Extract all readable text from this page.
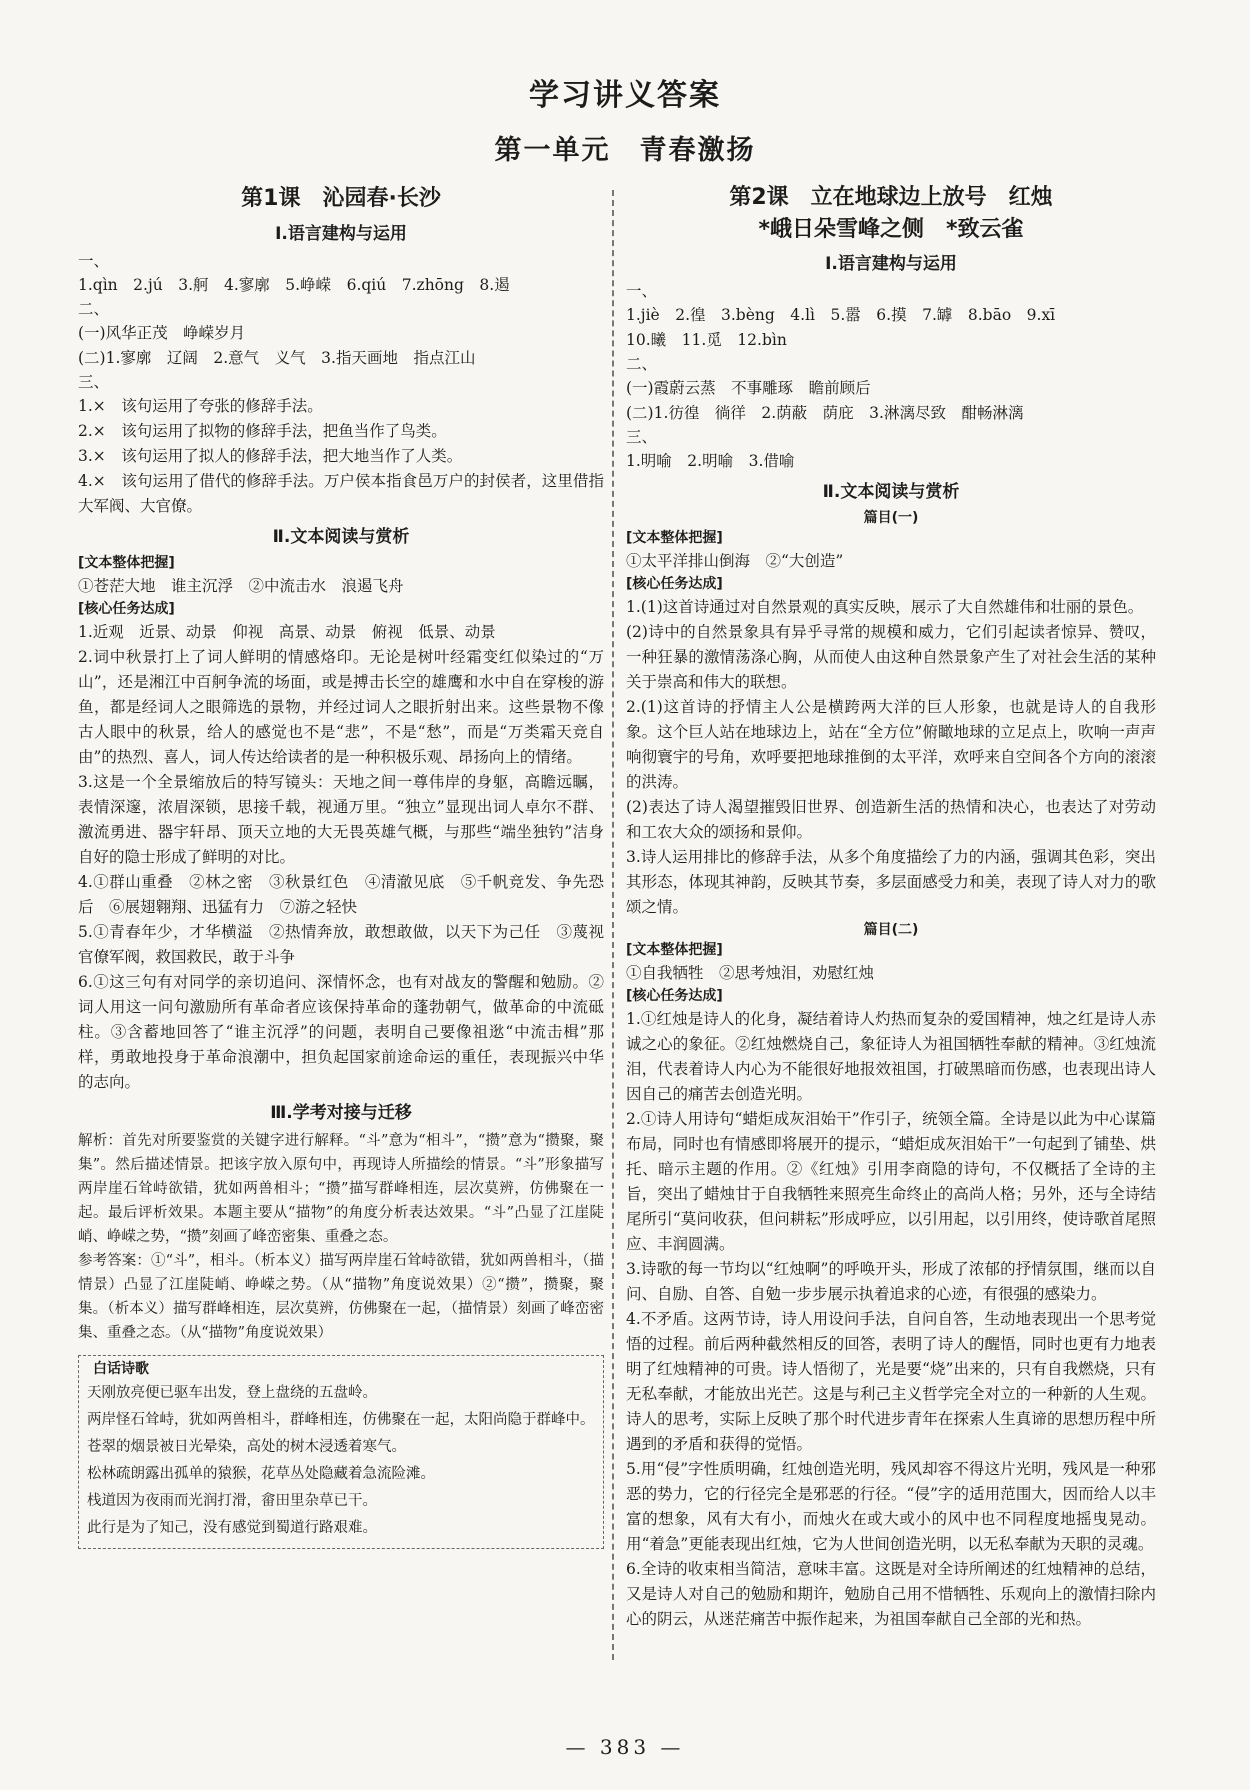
学习讲义答案
第一单元　青春激扬
第1课　沁园春·长沙
Ⅰ.语言建构与运用
一、
1.qìn　2.jú　3.舸　4.寥廓　5.峥嵘　6.qiú　7.zhōng　8.遏
二、
(一)风华正茂　峥嵘岁月
(二)1.寥廓　辽阔　2.意气　义气　3.指天画地　指点江山
三、
1.×　该句运用了夸张的修辞手法。
2.×　该句运用了拟物的修辞手法，把鱼当作了鸟类。
3.×　该句运用了拟人的修辞手法，把大地当作了人类。
4.×　该句运用了借代的修辞手法。万户侯本指食邑万户的封侯者，这里借指大军阀、大官僚。
Ⅱ.文本阅读与赏析
[文本整体把握]
①苍茫大地　谁主沉浮　②中流击水　浪遏飞舟
[核心任务达成]
1.近观　近景、动景　仰视　高景、动景　俯视　低景、动景
2.词中秋景打上了词人鲜明的情感烙印。无论是树叶经霜变红似染过的“万山”，还是湘江中百舸争流的场面，或是搏击长空的雄鹰和水中自在穿梭的游鱼，都是经词人之眼筛选的景物，并经过词人之眼折射出来。这些景物不像古人眼中的秋景，给人的感觉也不是“悲”，不是“愁”，而是“万类霜天竞自由”的热烈、喜人，词人传达给读者的是一种积极乐观、昂扬向上的情绪。
3.这是一个全景缩放后的特写镜头：天地之间一尊伟岸的身躯，高瞻远瞩，表情深邃，浓眉深锁，思接千载，视通万里。“独立”显现出词人卓尔不群、激流勇进、器宇轩昂、顶天立地的大无畏英雄气概，与那些“端坐独钓”洁身自好的隐士形成了鲜明的对比。
4.①群山重叠　②林之密　③秋景红色　④清澈见底　⑤千帆竞发、争先恐后　⑥展翅翱翔、迅猛有力　⑦游之轻快
5.①青春年少，才华横溢　②热情奔放，敢想敢做，以天下为己任　③蔑视官僚军阀，救国救民，敢于斗争
6.①这三句有对同学的亲切追问、深情怀念，也有对战友的警醒和勉励。②词人用这一问句激励所有革命者应该保持革命的蓬勃朝气，做革命的中流砥柱。③含蓄地回答了“谁主沉浮”的问题，表明自己要像祖逖“中流击楫”那样，勇敢地投身于革命浪潮中，担负起国家前途命运的重任，表现振兴中华的志向。
Ⅲ.学考对接与迁移
解析：首先对所要鉴赏的关键字进行解释。“斗”意为“相斗”，“攒”意为“攒聚，聚集”。然后描述情景。把该字放入原句中，再现诗人所描绘的情景。“斗”形象描写两岸崖石耸峙欲错，犹如两兽相斗；“攒”描写群峰相连，层次莫辨，仿佛聚在一起。最后评析效果。本题主要从“描物”的角度分析表达效果。“斗”凸显了江崖陡峭、峥嵘之势，“攒”刻画了峰峦密集、重叠之态。
参考答案：①“斗”，相斗。（析本义）描写两岸崖石耸峙欲错，犹如两兽相斗，（描情景）凸显了江崖陡峭、峥嵘之势。（从“描物”角度说效果）②“攒”，攒聚，聚集。（析本义）描写群峰相连，层次莫辨，仿佛聚在一起，（描情景）刻画了峰峦密集、重叠之态。（从“描物”角度说效果）
白话诗歌
天刚放亮便已驱车出发，登上盘绕的五盘岭。
两岸怪石耸峙，犹如两兽相斗，群峰相连，仿佛聚在一起，太阳尚隐于群峰中。
苍翠的烟景被日光晕染，高处的树木浸透着寒气。
松林疏朗露出孤单的猿猴，花草丛处隐藏着急流险滩。
栈道因为夜雨而光润打滑，畲田里杂草已干。
此行是为了知己，没有感觉到蜀道行路艰难。
第2课　立在地球边上放号　红烛
*峨日朵雪峰之侧　*致云雀
Ⅰ.语言建构与运用
一、
1.jiè　2.徨　3.bèng　4.lì　5.嚣　6.摸　7.罅　8.bāo　9.xī
10.曦　11.觅　12.bìn
二、
(一)霞蔚云蒸　不事雕琢　瞻前顾后
(二)1.彷徨　徜徉　2.荫蔽　荫庇　3.淋漓尽致　酣畅淋漓
三、
1.明喻　2.明喻　3.借喻
Ⅱ.文本阅读与赏析
篇目(一)
[文本整体把握]
①太平洋排山倒海　②“大创造”
[核心任务达成]
1.(1)这首诗通过对自然景观的真实反映，展示了大自然雄伟和壮丽的景色。
(2)诗中的自然景象具有异乎寻常的规模和威力，它们引起读者惊异、赞叹，一种狂暴的激情荡涤心胸，从而使人由这种自然景象产生了对社会生活的某种关于崇高和伟大的联想。
2.(1)这首诗的抒情主人公是横跨两大洋的巨人形象，也就是诗人的自我形象。这个巨人站在地球边上，站在“全方位”俯瞰地球的立足点上，吹响一声声响彻寰宇的号角，欢呼要把地球推倒的太平洋，欢呼来自空间各个方向的滚滚的洪涛。
(2)表达了诗人渴望摧毁旧世界、创造新生活的热情和决心，也表达了对劳动和工农大众的颂扬和景仰。
3.诗人运用排比的修辞手法，从多个角度描绘了力的内涵，强调其色彩，突出其形态，体现其神韵，反映其节奏，多层面感受力和美，表现了诗人对力的歌颂之情。
篇目(二)
[文本整体把握]
①自我牺牲　②思考烛泪，劝慰红烛
[核心任务达成]
1.①红烛是诗人的化身，凝结着诗人灼热而复杂的爱国精神，烛之红是诗人赤诚之心的象征。②红烛燃烧自己，象征诗人为祖国牺牲奉献的精神。③红烛流泪，代表着诗人内心为不能很好地报效祖国，打破黑暗而伤感，也表现出诗人因自己的痛苦去创造光明。
2.①诗人用诗句“蜡炬成灰泪始干”作引子，统领全篇。全诗是以此为中心谋篇布局，同时也有情感即将展开的提示，“蜡炬成灰泪始干”一句起到了铺垫、烘托、暗示主题的作用。②《红烛》引用李商隐的诗句，不仅概括了全诗的主旨，突出了蜡烛甘于自我牺牲来照亮生命终止的高尚人格；另外，还与全诗结尾所引“莫问收获，但问耕耘”形成呼应，以引用起，以引用终，使诗歌首尾照应、丰润圆满。
3.诗歌的每一节均以“红烛啊”的呼唤开头，形成了浓郁的抒情氛围，继而以自问、自励、自答、自勉一步步展示执着追求的心迹，有很强的感染力。
4.不矛盾。这两节诗，诗人用设问手法，自问自答，生动地表现出一个思考觉悟的过程。前后两种截然相反的回答，表明了诗人的醒悟，同时也更有力地表明了红烛精神的可贵。诗人悟彻了，光是要“烧”出来的，只有自我燃烧，只有无私奉献，才能放出光芒。这是与利己主义哲学完全对立的一种新的人生观。诗人的思考，实际上反映了那个时代进步青年在探索人生真谛的思想历程中所遇到的矛盾和获得的觉悟。
5.用“侵”字性质明确，红烛创造光明，残风却容不得这片光明，残风是一种邪恶的势力，它的行径完全是邪恶的行径。“侵”字的适用范围大，因而给人以丰富的想象，风有大有小，而烛火在或大或小的风中也不同程度地摇曳晃动。用“着急”更能表现出红烛，它为人世间创造光明，以无私奉献为天职的灵魂。
6.全诗的收束相当简洁，意味丰富。这既是对全诗所阐述的红烛精神的总结，又是诗人对自己的勉励和期许，勉励自己用不惜牺牲、乐观向上的激情扫除内心的阴云，从迷茫痛苦中振作起来，为祖国奉献自己全部的光和热。
— 383 —
